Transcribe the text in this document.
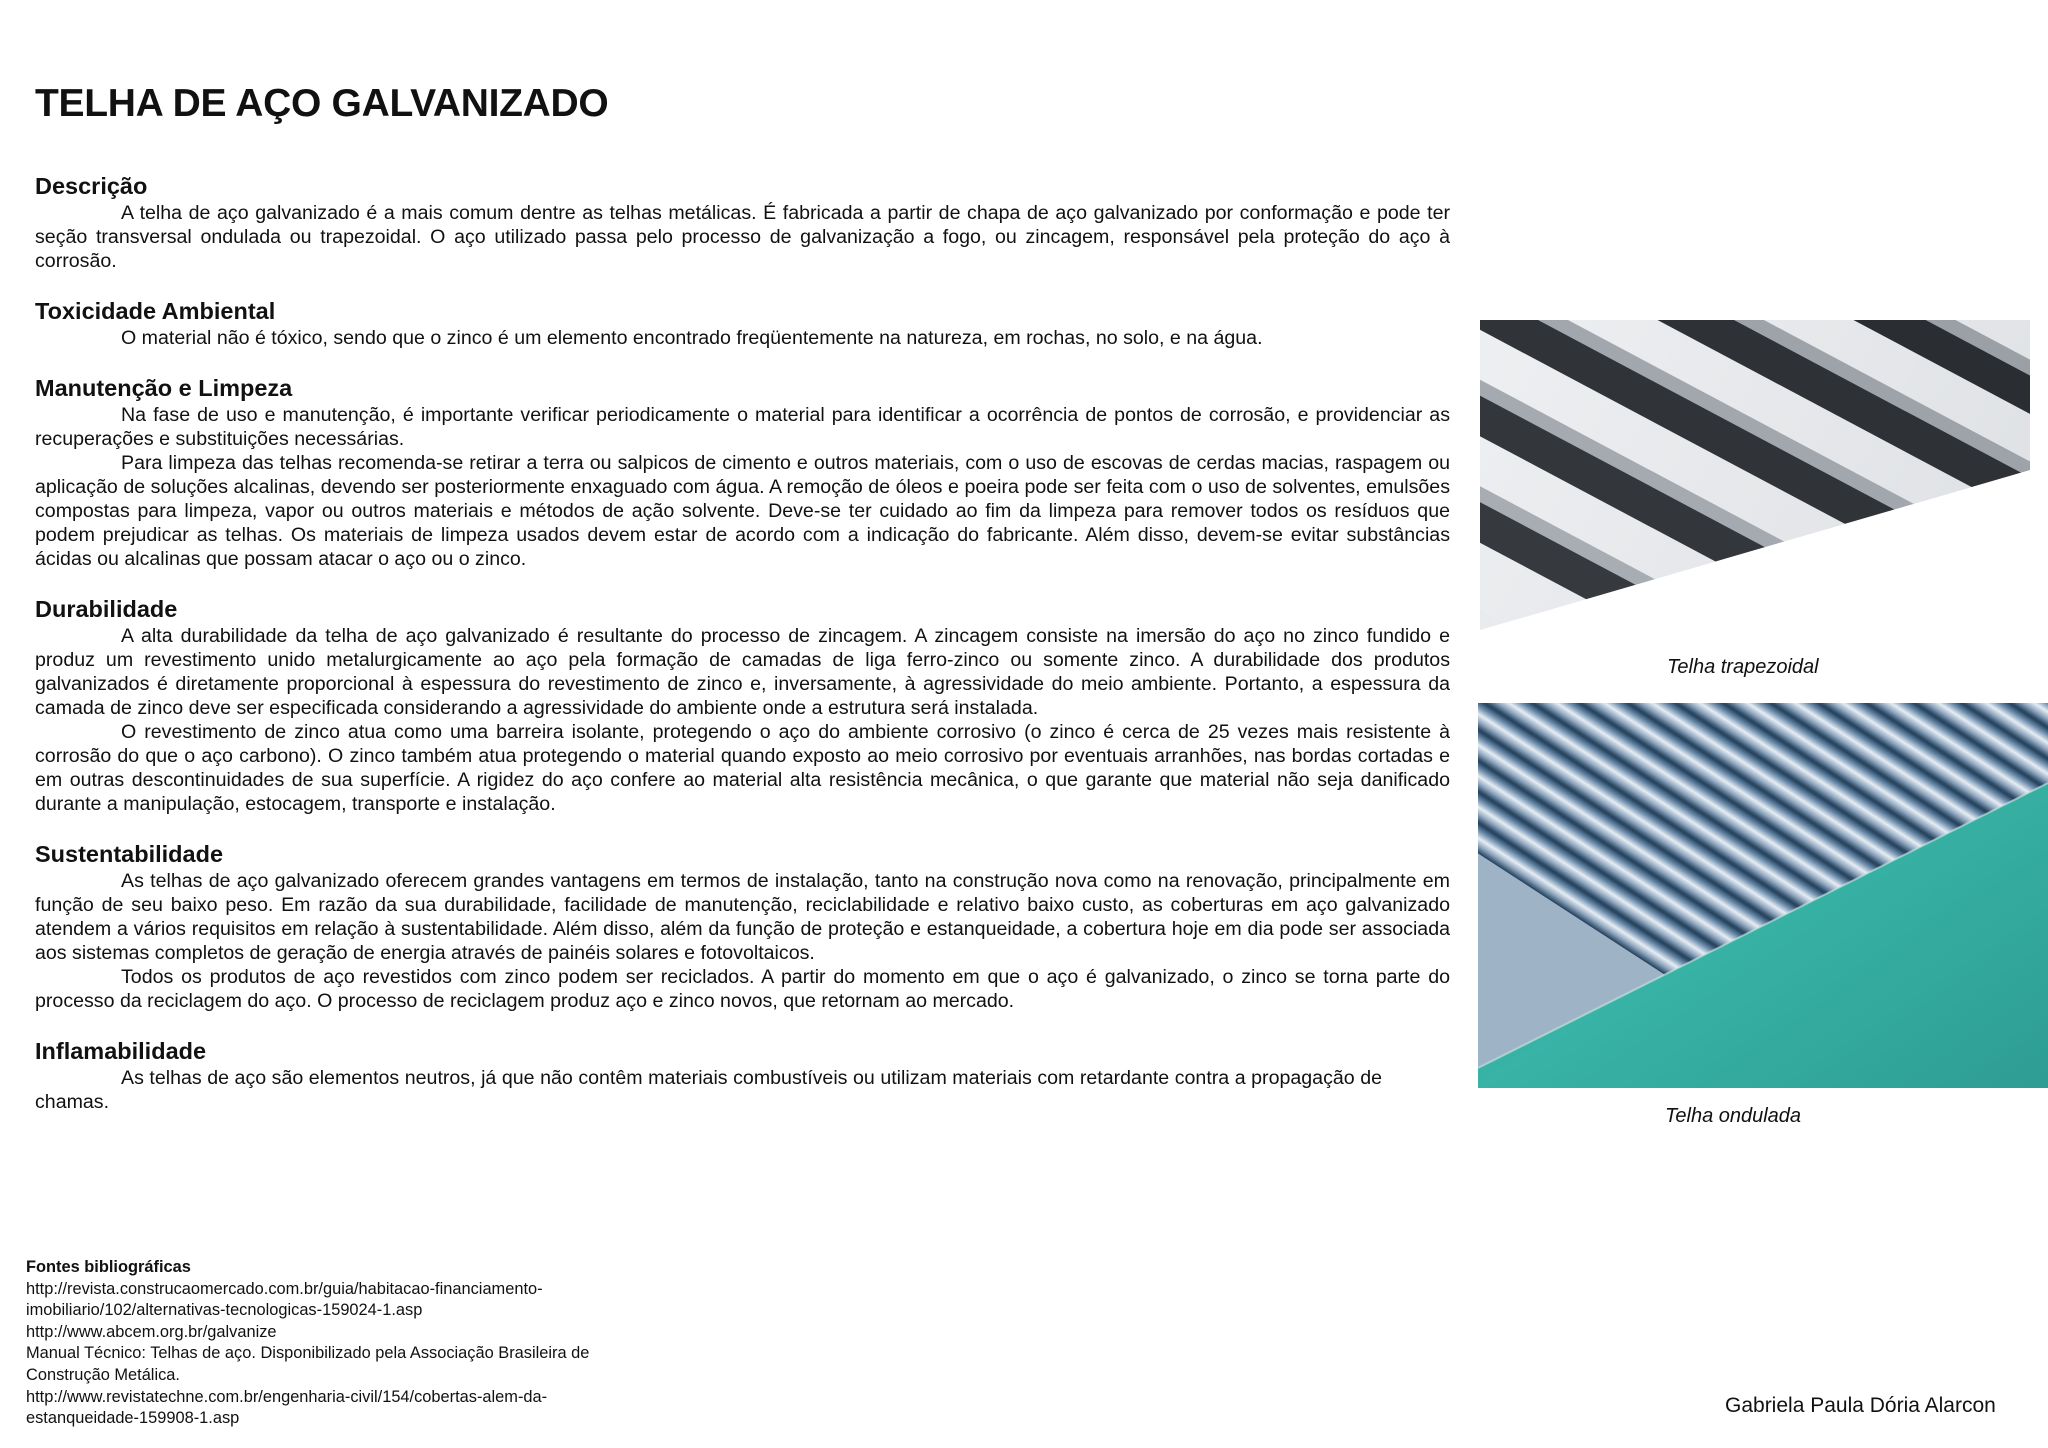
TELHA DE AÇO GALVANIZADO
Descrição

A telha de aço galvanizado é a mais comum dentre as telhas metálicas. É fabricada a partir de chapa de aço galvanizado por conformação e pode ter seção transversal ondulada ou trapezoidal. O aço utilizado passa pelo processo de galvanização a fogo, ou zincagem, responsável pela proteção do aço à corrosão.

Toxicidade Ambiental

O material não é tóxico, sendo que o zinco é um elemento encontrado freqüentemente na natureza, em rochas, no solo, e na água.

Manutenção e Limpeza

Na fase de uso e manutenção, é importante verificar periodicamente o material para identificar a ocorrência de pontos de corrosão, e providenciar as recuperações e substituições necessárias.

Para limpeza das telhas recomenda-se retirar a terra ou salpicos de cimento e outros materiais, com o uso de escovas de cerdas macias, raspagem ou aplicação de soluções alcalinas, devendo ser posteriormente enxaguado com água. A remoção de óleos e poeira pode ser feita com o uso de solventes, emulsões compostas para limpeza, vapor ou outros materiais e métodos de ação solvente. Deve-se ter cuidado ao fim da limpeza para remover todos os resíduos que podem prejudicar as telhas. Os materiais de limpeza usados devem estar de acordo com a indicação do fabricante. Além disso, devem-se evitar substâncias ácidas ou alcalinas que possam atacar o aço ou o zinco.

Durabilidade

A alta durabilidade da telha de aço galvanizado é resultante do processo de zincagem. A zincagem consiste na imersão do aço no zinco fundido e produz um revestimento unido metalurgicamente ao aço pela formação de camadas de liga ferro-zinco ou somente zinco. A durabilidade dos produtos galvanizados é diretamente proporcional à espessura do revestimento de zinco e, inversamente, à agressividade do meio ambiente. Portanto, a espessura da camada de zinco deve ser especificada considerando a agressividade do ambiente onde a estrutura será instalada.

O revestimento de zinco atua como uma barreira isolante, protegendo o aço do ambiente corrosivo (o zinco é cerca de 25 vezes mais resistente à corrosão do que o aço carbono). O zinco também atua protegendo o material quando exposto ao meio corrosivo por eventuais arranhões, nas bordas cortadas e em outras descontinuidades de sua superfície. A rigidez do aço confere ao material alta resistência mecânica, o que garante que material não seja danificado durante a manipulação, estocagem, transporte e instalação.

Sustentabilidade

As telhas de aço galvanizado oferecem grandes vantagens em termos de instalação, tanto na construção nova como na renovação, principalmente em função de seu baixo peso. Em razão da sua durabilidade, facilidade de manutenção, reciclabilidade e relativo baixo custo, as coberturas em aço galvanizado atendem a vários requisitos em relação à sustentabilidade. Além disso, além da função de proteção e estanqueidade, a cobertura hoje em dia pode ser associada aos sistemas completos de geração de energia através de painéis solares e fotovoltaicos.

Todos os produtos de aço revestidos com zinco podem ser reciclados. A partir do momento em que o aço é galvanizado, o zinco se torna parte do processo da reciclagem do aço. O processo de reciclagem produz aço e zinco novos, que retornam ao mercado.

Inflamabilidade

As telhas de aço são elementos neutros, já que não contêm materiais combustíveis ou utilizam materiais com retardante contra a propagação de chamas.

Telha trapezoidal
Telha ondulada
Fontes bibliográficas
http://revista.construcaomercado.com.br/guia/habitacao-financiamento-
imobiliario/102/alternativas-tecnologicas-159024-1.asp
http://www.abcem.org.br/galvanize
Manual Técnico: Telhas de aço. Disponibilizado pela Associação Brasileira de
Construção Metálica.
http://www.revistatechne.com.br/engenharia-civil/154/cobertas-alem-da-
estanqueidade-159908-1.asp
Gabriela Paula Dória Alarcon
